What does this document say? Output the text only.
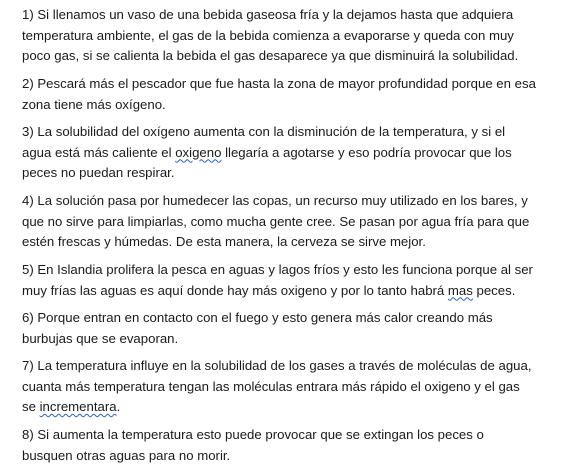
1) Si llenamos un vaso de una bebida gaseosa fría y la dejamos hasta que adquiera
temperatura ambiente, el gas de la bebida comienza a evaporarse y queda con muy
poco gas, si se calienta la bebida el gas desaparece ya que disminuirá la solubilidad.

2) Pescará más el pescador que fue hasta la zona de mayor profundidad porque en esa
zona tiene más oxígeno.

3) La solubilidad del oxígeno aumenta con la disminución de la temperatura, y si el
agua está más caliente el oxigeno llegaría a agotarse y eso podría provocar que los
peces no puedan respirar.

4) La solución pasa por humedecer las copas, un recurso muy utilizado en los bares, y
que no sirve para limpiarlas, como mucha gente cree. Se pasan por agua fría para que
estén frescas y húmedas. De esta manera, la cerveza se sirve mejor.

5) En Islandia prolifera la pesca en aguas y lagos fríos y esto les funciona porque al ser
muy frías las aguas es aquí donde hay más oxigeno y por lo tanto habrá mas peces.

6) Porque entran en contacto con el fuego y esto genera más calor creando más
burbujas que se evaporan.

7) La temperatura influye en la solubilidad de los gases a través de moléculas de agua,
cuanta más temperatura tengan las moléculas entrara más rápido el oxigeno y el gas
se incrementara.

8) Si aumenta la temperatura esto puede provocar que se extingan los peces o
busquen otras aguas para no morir.
